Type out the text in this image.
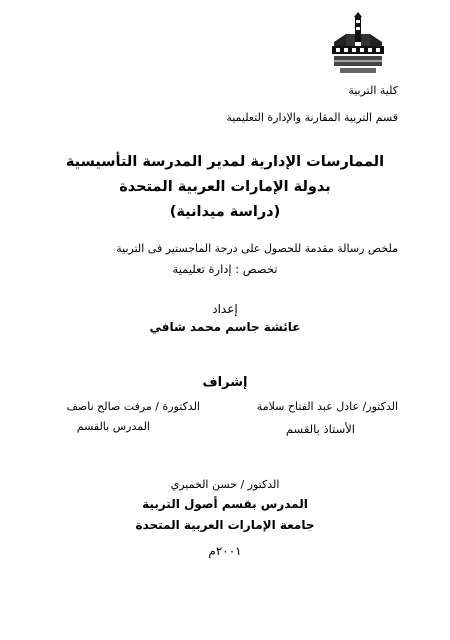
كلية التربية
قسم التربية المقارنة والإدارة التعليمية
الممارسات الإدارية لمدير المدرسة التأسيسية
بدولة الإمارات العربية المتحدة
(دراسة ميدانية)
ملخص رسالة مقدمة للحصول على درجة الماجستير فى التربية
تخصص : إدارة تعليمية
إعداد
عائشة جاسم محمد شافي
إشراف
الدكتور/ عادل عبد الفتاح سلامة
الأستاذ بالقسم
الدكتورة / مرفت صالح ناصف
المدرس بالقسم
الدكتور / حسن الخميري
المدرس بقسم أصول التربية
جامعة الإمارات العربية المتحدة
٢٠٠١م
